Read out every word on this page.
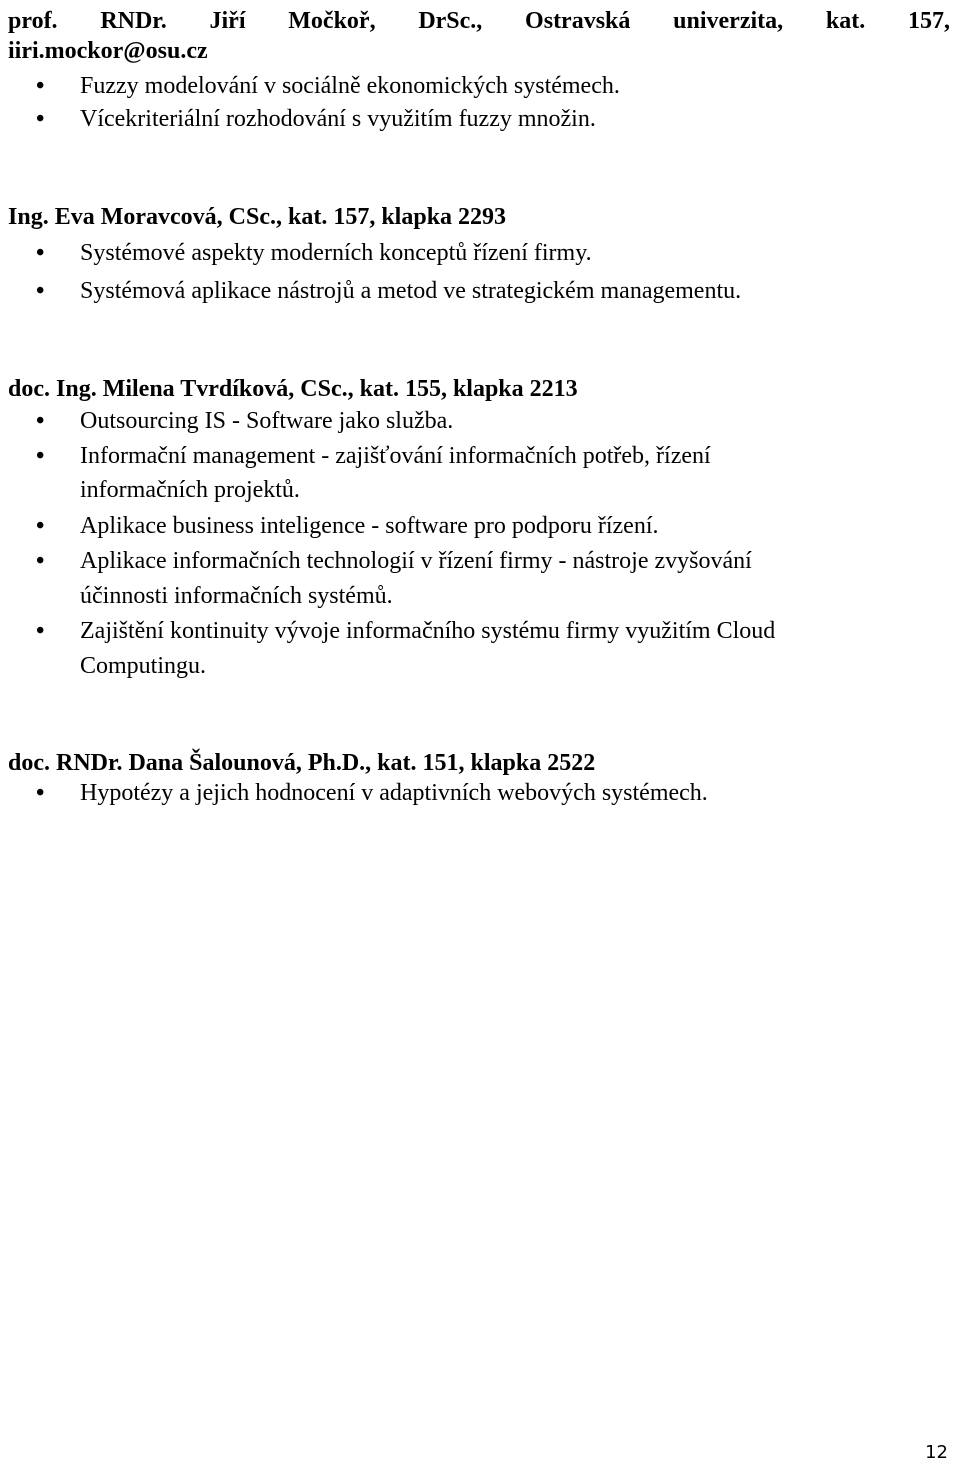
prof. RNDr. Jiří Močkoř, DrSc., Ostravská univerzita, kat. 157,
iiri.mockor@osu.cz
• Fuzzy modelování v sociálně ekonomických systémech.
• Vícekriteriální rozhodování s využitím fuzzy množin.
Ing. Eva Moravcová, CSc., kat. 157, klapka 2293
• Systémové aspekty moderních konceptů řízení firmy.
• Systémová aplikace nástrojů a metod ve strategickém managementu.
doc. Ing. Milena Tvrdíková, CSc., kat. 155, klapka 2213
• Outsourcing IS - Software jako služba.
• Informační management - zajišťování informačních potřeb, řízení
informačních projektů.
• Aplikace business inteligence - software pro podporu řízení.
• Aplikace informačních technologií v řízení firmy - nástroje zvyšování
účinnosti informačních systémů.
• Zajištění kontinuity vývoje informačního systému firmy využitím Cloud
Computingu.
doc. RNDr. Dana Šalounová, Ph.D., kat. 151, klapka 2522
• Hypotézy a jejich hodnocení v adaptivních webových systémech.
12
